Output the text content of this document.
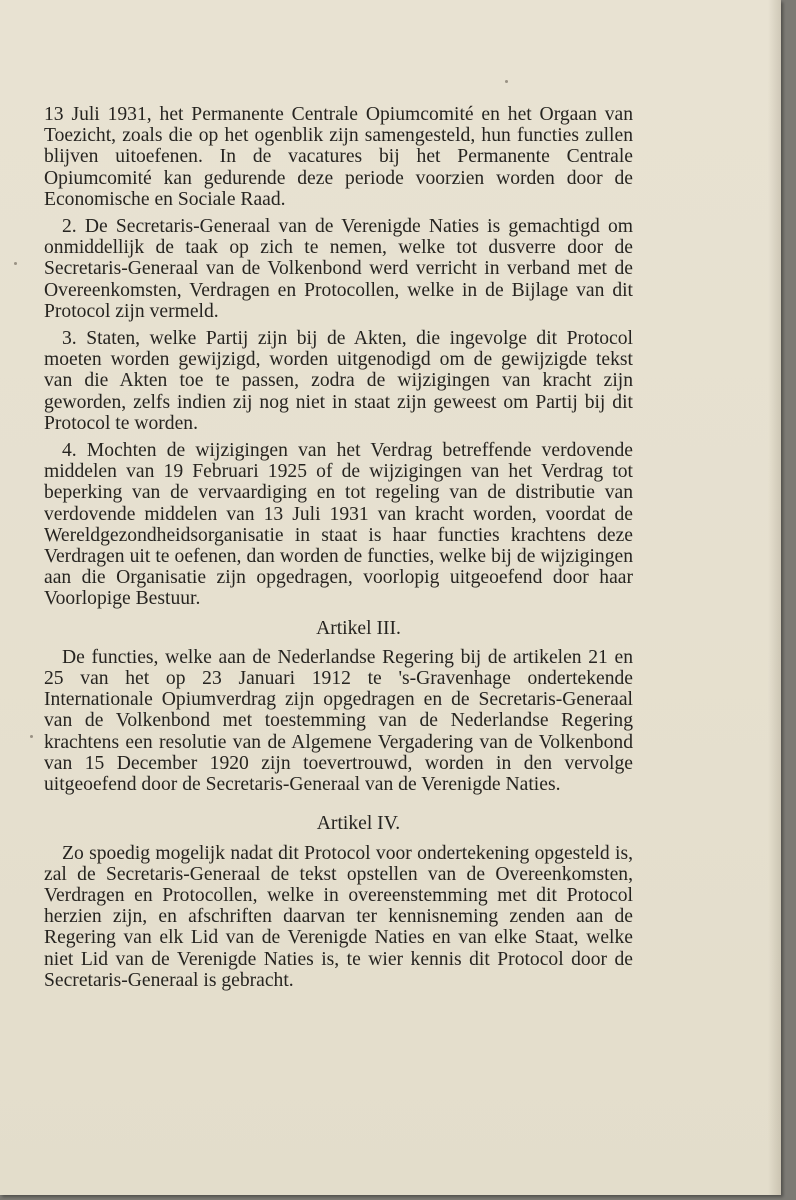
13 Juli 1931, het Permanente Centrale Opiumcomité en het Orgaan van Toezicht, zoals die op het ogenblik zijn samengesteld, hun functies zullen blijven uitoefenen. In de vacatures bij het Permanente Centrale Opiumcomité kan gedurende deze periode voorzien worden door de Economische en Sociale Raad.

2. De Secretaris-Generaal van de Verenigde Naties is gemachtigd om onmiddellijk de taak op zich te nemen, welke tot dusverre door de Secretaris-Generaal van de Volkenbond werd verricht in verband met de Overeenkomsten, Verdragen en Protocollen, welke in de Bijlage van dit Protocol zijn vermeld.

3. Staten, welke Partij zijn bij de Akten, die ingevolge dit Protocol moeten worden gewijzigd, worden uitgenodigd om de gewijzigde tekst van die Akten toe te passen, zodra de wijzigingen van kracht zijn geworden, zelfs indien zij nog niet in staat zijn geweest om Partij bij dit Protocol te worden.

4. Mochten de wijzigingen van het Verdrag betreffende verdovende middelen van 19 Februari 1925 of de wijzigingen van het Verdrag tot beperking van de vervaardiging en tot regeling van de distributie van verdovende middelen van 13 Juli 1931 van kracht worden, voordat de Wereldgezondheidsorganisatie in staat is haar functies krachtens deze Verdragen uit te oefenen, dan worden de functies, welke bij de wijzigingen aan die Organisatie zijn opgedragen, voorlopig uitgeoefend door haar Voorlopige Bestuur.

Artikel III.

De functies, welke aan de Nederlandse Regering bij de artikelen 21 en 25 van het op 23 Januari 1912 te 's-Gravenhage ondertekende Internationale Opiumverdrag zijn opgedragen en de Secretaris-Generaal van de Volkenbond met toestemming van de Nederlandse Regering krachtens een resolutie van de Algemene Vergadering van de Volkenbond van 15 December 1920 zijn toevertrouwd, worden in den vervolge uitgeoefend door de Secretaris-Generaal van de Verenigde Naties.

Artikel IV.

Zo spoedig mogelijk nadat dit Protocol voor ondertekening opgesteld is, zal de Secretaris-Generaal de tekst opstellen van de Overeenkomsten, Verdragen en Protocollen, welke in overeenstemming met dit Protocol herzien zijn, en afschriften daarvan ter kennisneming zenden aan de Regering van elk Lid van de Verenigde Naties en van elke Staat, welke niet Lid van de Verenigde Naties is, te wier kennis dit Protocol door de Secretaris-Generaal is gebracht.
